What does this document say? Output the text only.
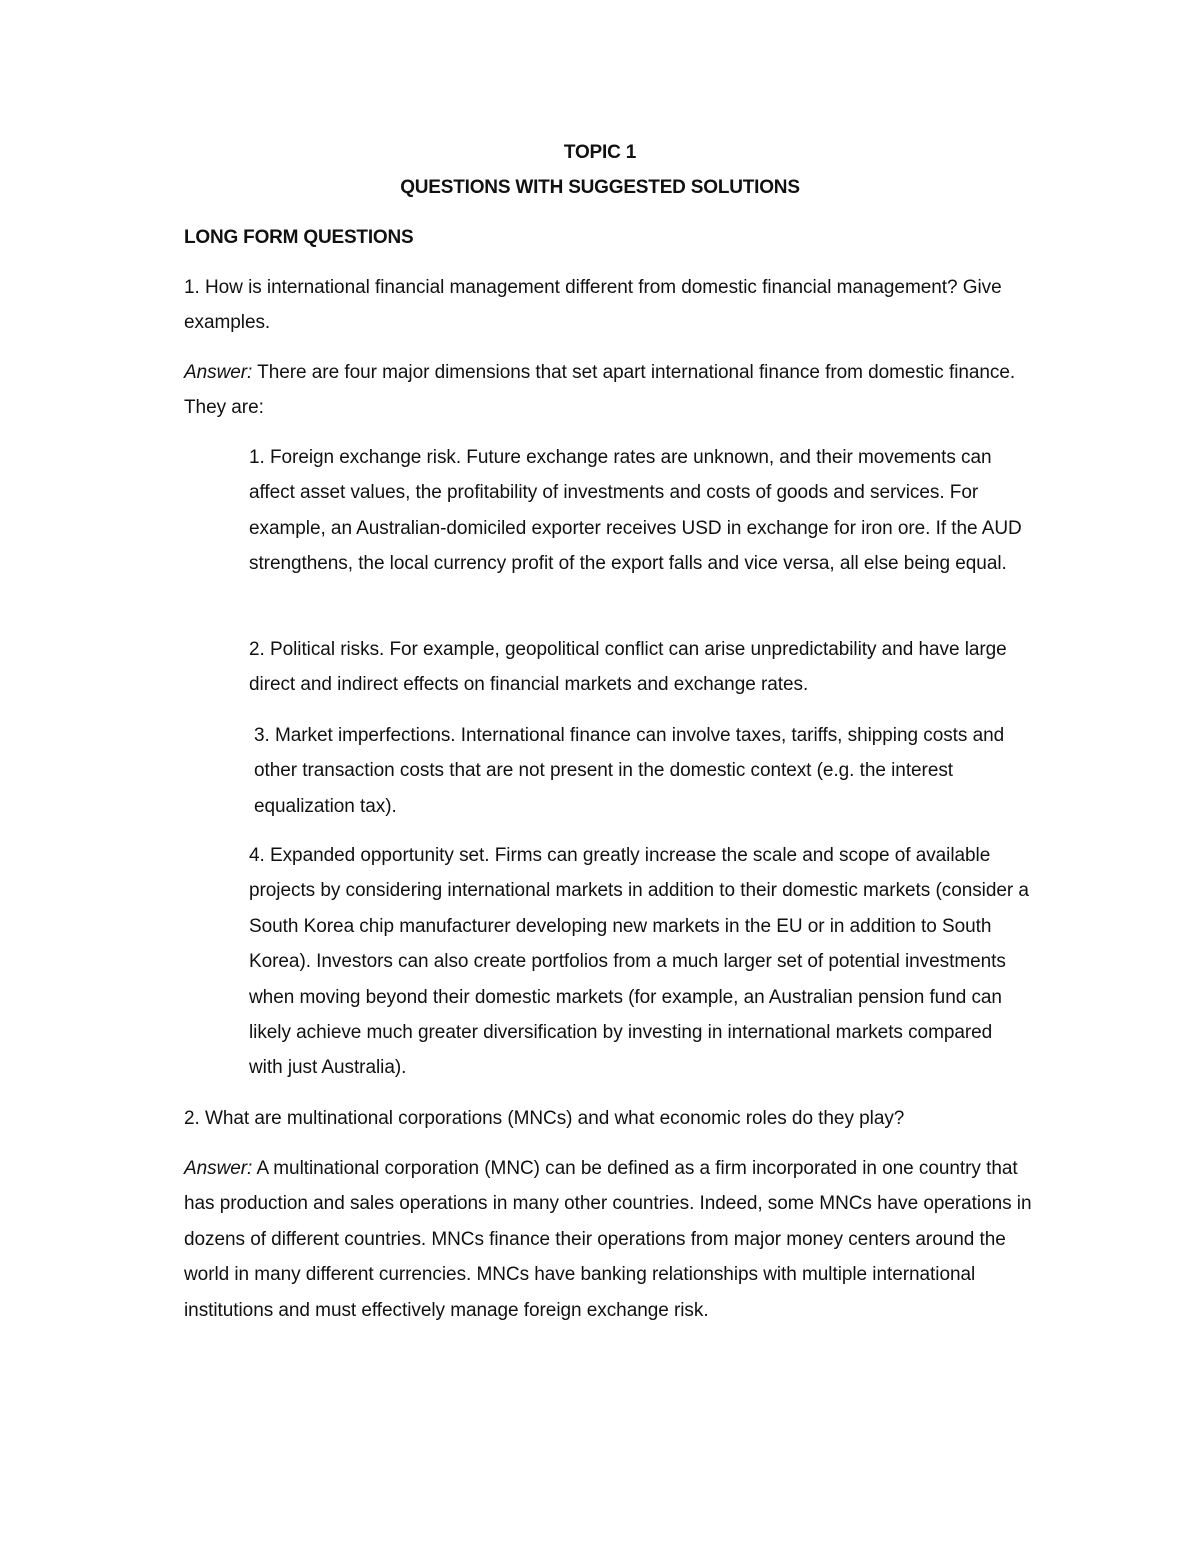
TOPIC 1
QUESTIONS WITH SUGGESTED SOLUTIONS
LONG FORM QUESTIONS

1. How is international financial management different from domestic financial management? Give examples.

Answer: There are four major dimensions that set apart international finance from domestic finance. They are:

1. Foreign exchange risk. Future exchange rates are unknown, and their movements can affect asset values, the profitability of investments and costs of goods and services. For example, an Australian-domiciled exporter receives USD in exchange for iron ore. If the AUD strengthens, the local currency profit of the export falls and vice versa, all else being equal.

2. Political risks. For example, geopolitical conflict can arise unpredictability and have large direct and indirect effects on financial markets and exchange rates.

3. Market imperfections. International finance can involve taxes, tariffs, shipping costs and other transaction costs that are not present in the domestic context (e.g. the interest equalization tax).

4. Expanded opportunity set. Firms can greatly increase the scale and scope of available projects by considering international markets in addition to their domestic markets (consider a South Korea chip manufacturer developing new markets in the EU or in addition to South Korea). Investors can also create portfolios from a much larger set of potential investments when moving beyond their domestic markets (for example, an Australian pension fund can likely achieve much greater diversification by investing in international markets compared with just Australia).

2. What are multinational corporations (MNCs) and what economic roles do they play?

Answer: A multinational corporation (MNC) can be defined as a firm incorporated in one country that has production and sales operations in many other countries. Indeed, some MNCs have operations in dozens of different countries. MNCs finance their operations from major money centers around the world in many different currencies. MNCs have banking relationships with multiple international institutions and must effectively manage foreign exchange risk.
